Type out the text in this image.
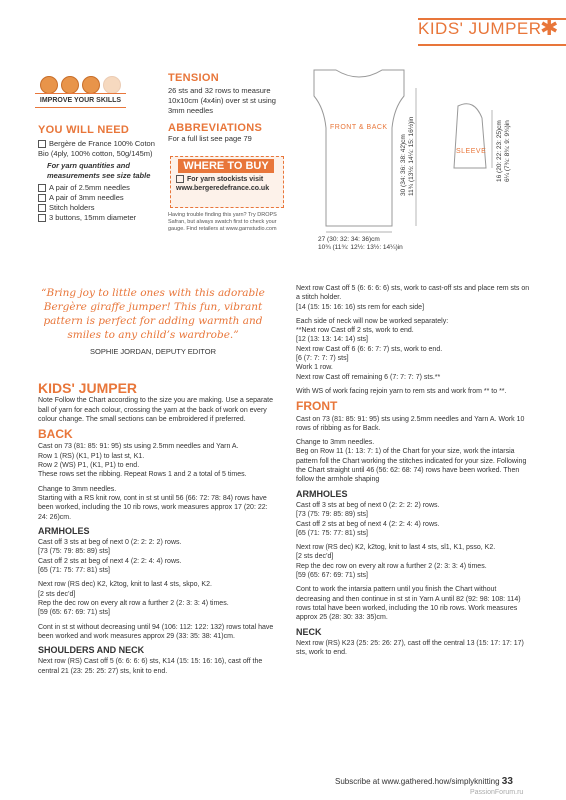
KIDS' JUMPER
✱
IMPROVE YOUR SKILLS
YOU WILL NEED
Bergère de France 100% Coton Bio (4ply, 100% cotton, 50g/145m)
For yarn quantities and measurements see size table
A pair of 2.5mm needles
A pair of 3mm needles
Stitch holders
3 buttons, 15mm diameter
TENSION
26 sts and 32 rows to measure 10x10cm (4x4in) over st st using 3mm needles
ABBREVIATIONS
For a full list see page 79
WHERE TO BUY
For yarn stockists visit www.bergeredefrance.co.uk
Having trouble finding this yarn? Try DROPS Safran, but always swatch first to check your gauge. Find retailers at www.garnstudio.com
FRONT & BACK
SLEEVE
27 (30: 32: 34: 36)cm
10¾ (11¾: 12½: 13½: 14¼)in
30 (34: 36: 38: 42)cm 11¾ (13½: 14¼: 15: 16½)in	16 (20: 22: 23: 25)cm 6¼ (7¾: 8¾: 9: 9¾)in
“Bring joy to little ones with this adorable Bergère giraffe jumper! This fun, vibrant pattern is perfect for adding warmth and smiles to any child’s wardrobe.”
SOPHIE JORDAN, DEPUTY EDITOR
KIDS' JUMPER

Note Follow the Chart according to the size you are making. Use a separate ball of yarn for each colour, crossing the yarn at the back of work on every colour change. The small sections can be embroidered if preferred.

BACK
Cast on 73 (81: 85: 91: 95) sts using 2.5mm needles and Yarn A.
Row 1 (RS) (K1, P1) to last st, K1.
Row 2 (WS) P1, (K1, P1) to end.

These rows set the ribbing. Repeat Rows 1 and 2 a total of 5 times.

Change to 3mm needles.

Starting with a RS knit row, cont in st st until 56 (66: 72: 78: 84) rows have been worked, including the 10 rib rows, work measures approx 17 (20: 22: 24: 26)cm.

ARMHOLES
Cast off 3 sts at beg of next 0 (2: 2: 2: 2) rows.
[73 (75: 79: 85: 89) sts]
Cast off 2 sts at beg of next 4 (2: 2: 4: 4) rows.

[65 (71: 75: 77: 81) sts]

Next row (RS dec) K2, k2tog, knit to last 4 sts, skpo, K2.
[2 sts dec’d]
Rep the dec row on every alt row a further 2 (2: 3: 3: 4) times.

[59 (65: 67: 69: 71) sts]

Cont in st st without decreasing until 94 (106: 112: 122: 132) rows total have been worked and work measures approx 29 (33: 35: 38: 41)cm.

SHOULDERS AND NECK
Next row (RS) Cast off 5 (6: 6: 6: 6) sts, K14 (15: 15: 16: 16), cast off the central 21 (23: 25: 25: 27) sts, knit to end.
Next row Cast off 5 (6: 6: 6: 6) sts, work to cast-off sts and place rem sts on a stitch holder.

[14 (15: 15: 16: 16) sts rem for each side]

Each side of neck will now be worked separately:
**Next row Cast off 2 sts, work to end.
[12 (13: 13: 14: 14) sts]
Next row Cast off 6 (6: 6: 7: 7) sts, work to end.
[6 (7: 7: 7: 7) sts]
Work 1 row.

Next row Cast off remaining 6 (7: 7: 7: 7) sts.**

With WS of work facing rejoin yarn to rem sts and work from ** to **.

FRONT

Cast on 73 (81: 85: 91: 95) sts using 2.5mm needles and Yarn A. Work 10 rows of ribbing as for Back.

Change to 3mm needles.

Beg on Row 11 (1: 13: 7: 1) of the Chart for your size, work the intarsia pattern foll the Chart working the stitches indicated for your size. Following the Chart straight until 46 (56: 62: 68: 74) rows have been worked. Then follow the armhole shaping

ARMHOLES
Cast off 3 sts at beg of next 0 (2: 2: 2: 2) rows.
[73 (75: 79: 85: 89) sts]
Cast off 2 sts at beg of next 4 (2: 2: 4: 4) rows.

[65 (71: 75: 77: 81) sts]

Next row (RS dec) K2, k2tog, knit to last 4 sts, sl1, K1, psso, K2.
[2 sts dec’d]
Rep the dec row on every alt row a further 2 (2: 3: 3: 4) times.

[59 (65: 67: 69: 71) sts]

Cont to work the intarsia pattern until you finish the Chart without decreasing and then continue in st st in Yarn A until 82 (92: 98: 108: 114) rows total have been worked, including the 10 rib rows. Work measures approx 25 (28: 30: 33: 35)cm.

NECK
Next row (RS) K23 (25: 25: 26: 27), cast off the central 13 (15: 17: 17: 17) sts, work to end.
Subscribe at www.gathered.how/simplyknitting 33
PassionForum.ru
